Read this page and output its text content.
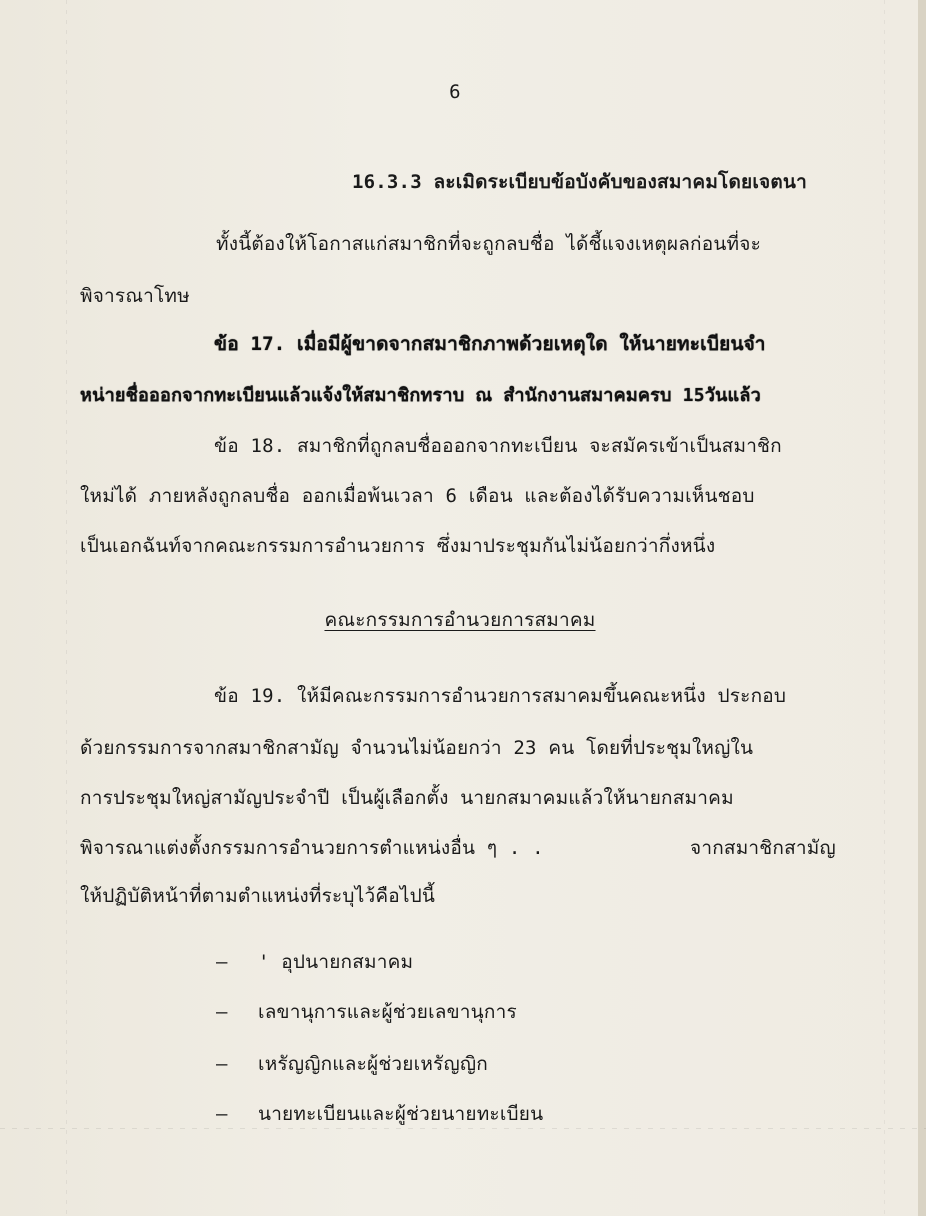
6
16.3.3 ละเมิดระเบียบข้อบังคับของสมาคมโดยเจตนา
ทั้งนี้ต้องให้โอกาสแก่สมาชิกที่จะถูกลบชื่อ ได้ชี้แจงเหตุผลก่อนที่จะ
พิจารณาโทษ
ข้อ 17. เมื่อมีผู้ขาดจากสมาชิกภาพด้วยเหตุใด ให้นายทะเบียนจำ
หน่ายชื่อออกจากทะเบียนแล้วแจ้งให้สมาชิกทราบ ณ สำนักงานสมาคมครบ 15วันแล้ว
ข้อ 18. สมาชิกที่ถูกลบชื่อออกจากทะเบียน จะสมัครเข้าเป็นสมาชิก
ใหม่ได้ ภายหลังถูกลบชื่อ ออกเมื่อพ้นเวลา 6 เดือน และต้องได้รับความเห็นชอบ
เป็นเอกฉันท์จากคณะกรรมการอำนวยการ ซึ่งมาประชุมกันไม่น้อยกว่ากึ่งหนึ่ง
คณะกรรมการอำนวยการสมาคม
ข้อ 19. ให้มีคณะกรรมการอำนวยการสมาคมขึ้นคณะหนึ่ง ประกอบ
ด้วยกรรมการจากสมาชิกสามัญ จำนวนไม่น้อยกว่า 23 คน โดยที่ประชุมใหญ่ใน
การประชุมใหญ่สามัญประจำปี เป็นผู้เลือกตั้ง นายกสมาคมแล้วให้นายกสมาคม
พิจารณาแต่งตั้งกรรมการอำนวยการตำแหน่งอื่น ๆ . .	จากสมาชิกสามัญ
ให้ปฏิบัติหน้าที่ตามตำแหน่งที่ระบุไว้คือไปนี้
– ' อุปนายกสมาคม
– เลขานุการและผู้ช่วยเลขานุการ
– เหรัญญิกและผู้ช่วยเหรัญญิก
– นายทะเบียนและผู้ช่วยนายทะเบียน
